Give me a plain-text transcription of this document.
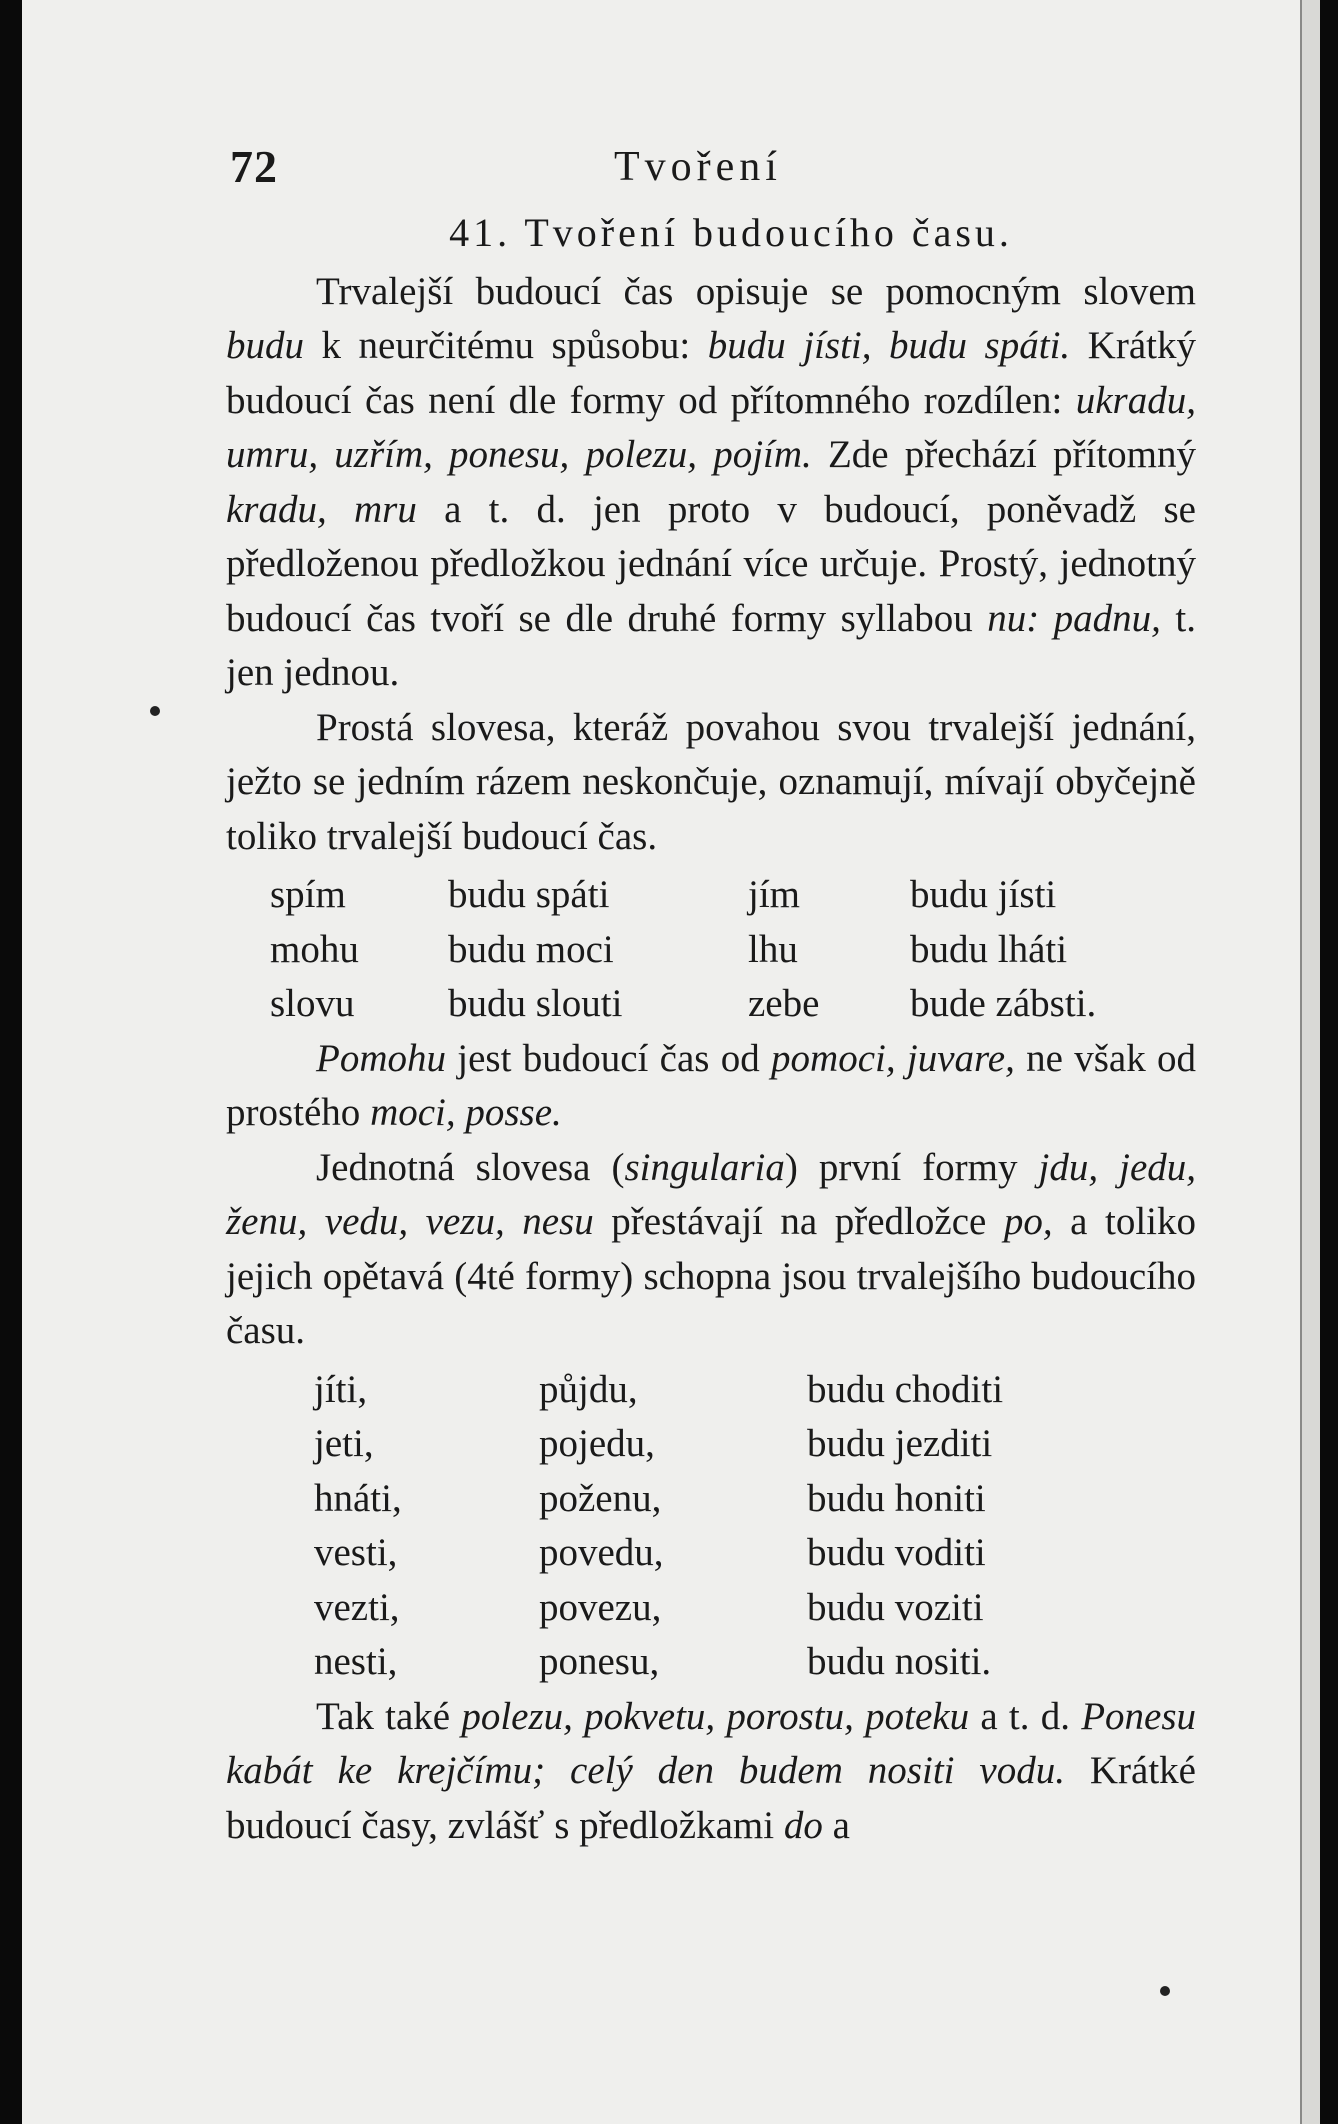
72	Tvoření
41. Tvoření budoucího času.

Trvalejší budoucí čas opisuje se pomocným slovem budu k neurčitému spůsobu: budu jísti, budu spáti. Krátký budoucí čas není dle formy od přítomného rozdílen: ukradu, umru, uzřím, ponesu, polezu, pojím. Zde přechází přítomný kradu, mru a t. d. jen proto v budoucí, poněvadž se předloženou předložkou jednání více určuje. Prostý, jednotný budoucí čas tvoří se dle druhé formy syllabou nu: padnu, t. jen jednou.

Prostá slovesa, kteráž povahou svou trvalejší jednání, ježto se jedním rázem neskončuje, oznamují, mívají obyčejně toliko trvalejší budoucí čas.

spím	budu spáti	jím	budu jísti
mohu	budu moci	lhu	budu lháti
slovu	budu slouti	zebe	bude zábsti.

Pomohu jest budoucí čas od pomoci, juvare, ne však od prostého moci, posse.

Jednotná slovesa (singularia) první formy jdu, jedu, ženu, vedu, vezu, nesu přestávají na předložce po, a toliko jejich opětavá (4té formy) schopna jsou trvalejšího budoucího času.

jíti,	půjdu,	budu choditi
jeti,	pojedu,	budu jezditi
hnáti,	poženu,	budu honiti
vesti,	povedu,	budu voditi
vezti,	povezu,	budu voziti
nesti,	ponesu,	budu nositi.

Tak také polezu, pokvetu, porostu, poteku a t. d. Ponesu kabát ke krejčímu; celý den budem nositi vodu. Krátké budoucí časy, zvlášť s předložkami do a
